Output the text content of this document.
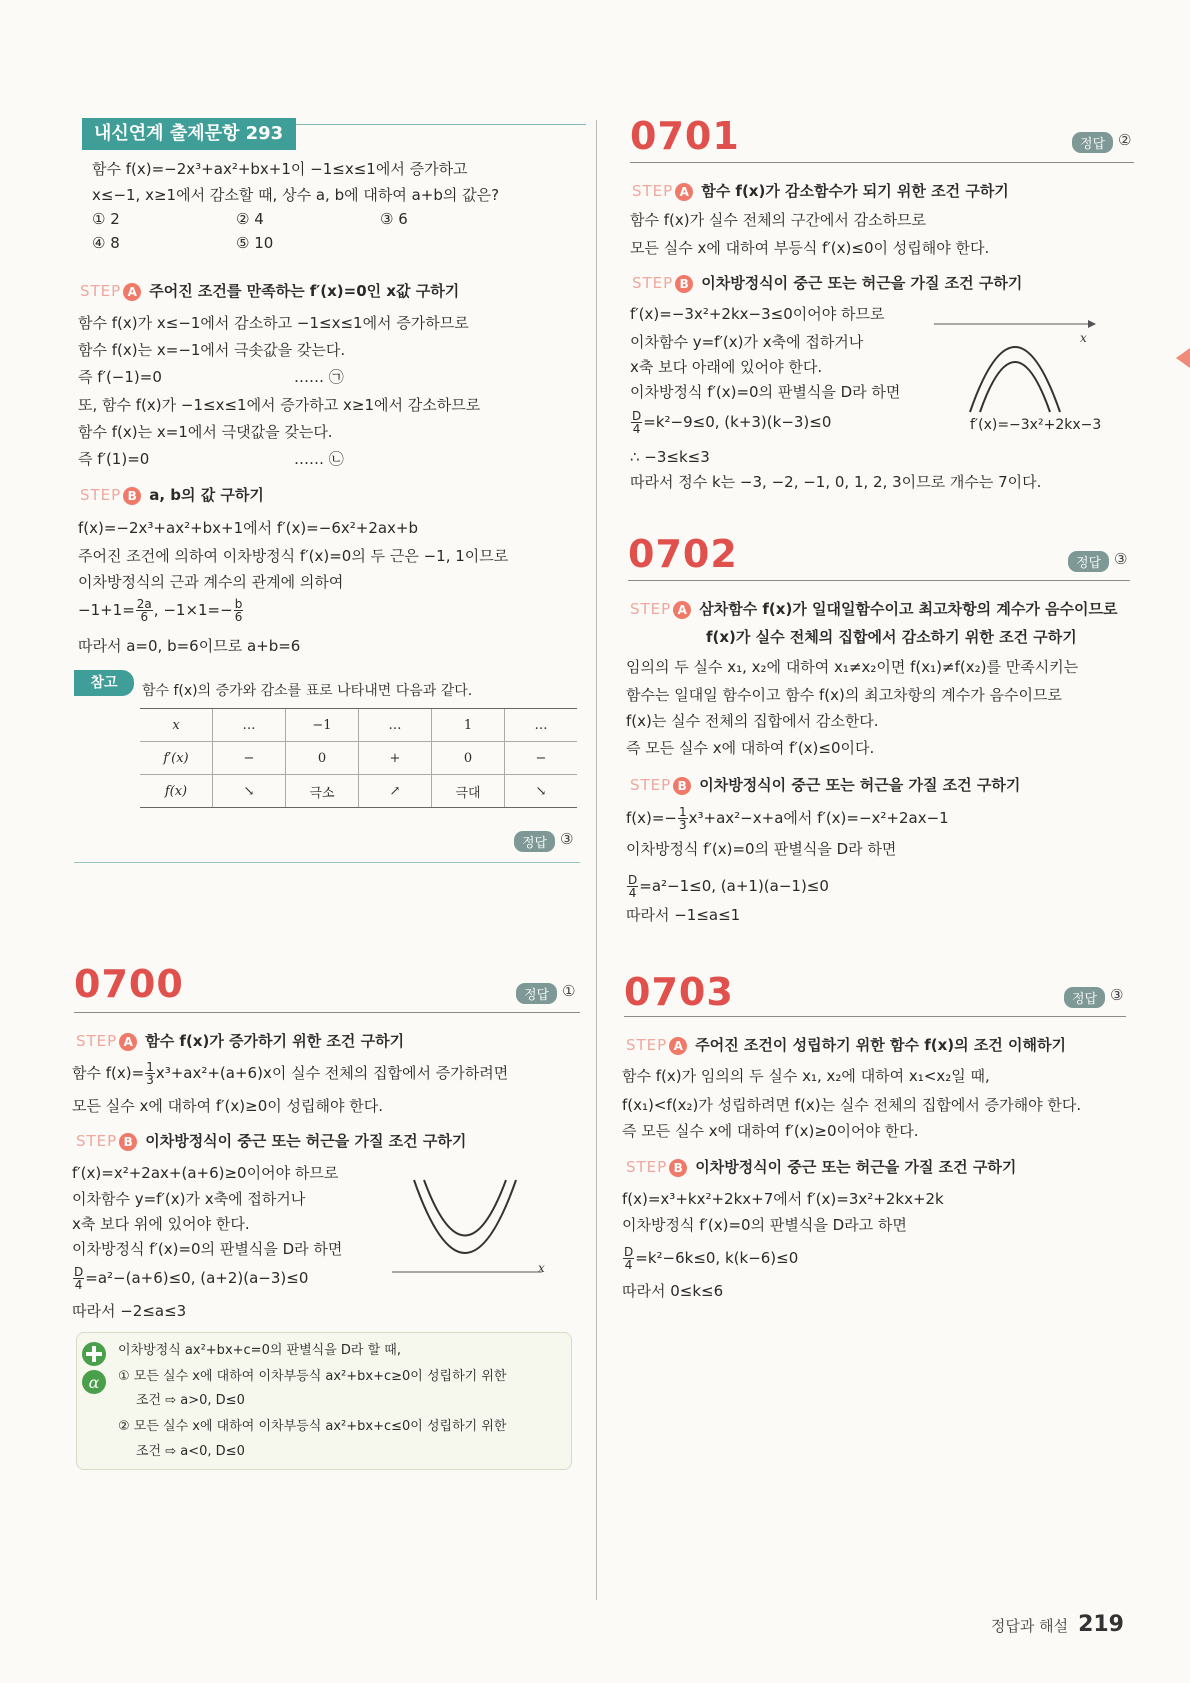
내신연계 출제문항 293
함수 f(x)=−2x³+ax²+bx+1이 −1≤x≤1에서 증가하고
x≤−1, x≥1에서 감소할 때, 상수 a, b에 대하여 a+b의 값은?
① 2	② 4	③ 6
④ 8	⑤ 10
STEP A 주어진 조건를 만족하는 f′(x)=0인 x값 구하기
함수 f(x)가 x≤−1에서 감소하고 −1≤x≤1에서 증가하므로
함수 f(x)는 x=−1에서 극솟값을 갖는다.
즉 f′(−1)=0	…… ㉠
또, 함수 f(x)가 −1≤x≤1에서 증가하고 x≥1에서 감소하므로
함수 f(x)는 x=1에서 극댓값을 갖는다.
즉 f′(1)=0	…… ㉡
STEP B a, b의 값 구하기
f(x)=−2x³+ax²+bx+1에서 f′(x)=−6x²+2ax+b
주어진 조건에 의하여 이차방정식 f′(x)=0의 두 근은 −1, 1이므로
이차방정식의 근과 계수의 관계에 의하여
$-1+1= \frac{2a}{6}$ , $-1\times 1=- \frac{b}{6}$
따라서 a=0, b=6이므로 a+b=6
참고	함수 f(x)의 증가와 감소를 표로 나타내면 다음과 같다.
x	…	−1	…	1	…
f′(x)	−	0	+	0	−
f(x)	↘	극소	↗	극대	↘
정답 ③
0700	정답 ①
STEP A 함수 f(x)가 증가하기 위한 조건 구하기
함수 $f(x)= \frac{1}{3} x^3+ax^2+(a+6)x$이 실수 전체의 집합에서 증가하려면
모든 실수 x에 대하여 f′(x)≥0이 성립해야 한다.
STEP B 이차방정식이 중근 또는 허근을 가질 조건 구하기
f′(x)=x²+2ax+(a+6)≥0이어야 하므로
이차함수 y=f′(x)가 x축에 접하거나
x축 보다 위에 있어야 한다.
이차방정식 f′(x)=0의 판별식을 D라 하면
$\frac{D}{4} =a^2-(a+6)\le 0$, (a+2)(a−3)≤0
따라서 −2≤a≤3
x
α
이차방정식 ax²+bx+c=0의 판별식을 D라 할 때,
① 모든 실수 x에 대하여 이차부등식 ax²+bx+c≥0이 성립하기 위한
조건 ⇨ a>0, D≤0
② 모든 실수 x에 대하여 이차부등식 ax²+bx+c≤0이 성립하기 위한
조건 ⇨ a<0, D≤0
0701	정답 ②
STEP A 함수 f(x)가 감소함수가 되기 위한 조건 구하기
함수 f(x)가 실수 전체의 구간에서 감소하므로
모든 실수 x에 대하여 부등식 f′(x)≤0이 성립해야 한다.
STEP B 이차방정식이 중근 또는 허근을 가질 조건 구하기
f′(x)=−3x²+2kx−3≤0이어야 하므로
이차함수 y=f′(x)가 x축에 접하거나
x축 보다 아래에 있어야 한다.
이차방정식 f′(x)=0의 판별식을 D라 하면
$\frac{D}{4} =k^2-9\le 0$, (k+3)(k−3)≤0
∴ −3≤k≤3
따라서 정수 k는 −3, −2, −1, 0, 1, 2, 3이므로 개수는 7이다.
x
f′(x)=−3x²+2kx−3
0702	정답 ③
STEP A 삼차함수 f(x)가 일대일함수이고 최고차항의 계수가 음수이므로
f(x)가 실수 전체의 집합에서 감소하기 위한 조건 구하기
임의의 두 실수 x₁, x₂에 대하여 x₁≠x₂이면 f(x₁)≠f(x₂)를 만족시키는
함수는 일대일 함수이고 함수 f(x)의 최고차항의 계수가 음수이므로
f(x)는 실수 전체의 집합에서 감소한다.
즉 모든 실수 x에 대하여 f′(x)≤0이다.
STEP B 이차방정식이 중근 또는 허근을 가질 조건 구하기
$f(x)=- \frac{1}{3} x^3+ax^2-x+a$에서 f′(x)=−x²+2ax−1
이차방정식 f′(x)=0의 판별식을 D라 하면
$\frac{D}{4} =a^2-1\le 0$, (a+1)(a−1)≤0
따라서 −1≤a≤1
0703	정답 ③
STEP A 주어진 조건이 성립하기 위한 함수 f(x)의 조건 이해하기
함수 f(x)가 임의의 두 실수 x₁, x₂에 대하여 x₁<x₂일 때,
f(x₁)<f(x₂)가 성립하려면 f(x)는 실수 전체의 집합에서 증가해야 한다.
즉 모든 실수 x에 대하여 f′(x)≥0이어야 한다.
STEP B 이차방정식이 중근 또는 허근을 가질 조건 구하기
f(x)=x³+kx²+2kx+7에서 f′(x)=3x²+2kx+2k
이차방정식 f′(x)=0의 판별식을 D라고 하면
$\frac{D}{4} =k^2-6k\le 0$, k(k−6)≤0
따라서 0≤k≤6
정답과 해설 219
